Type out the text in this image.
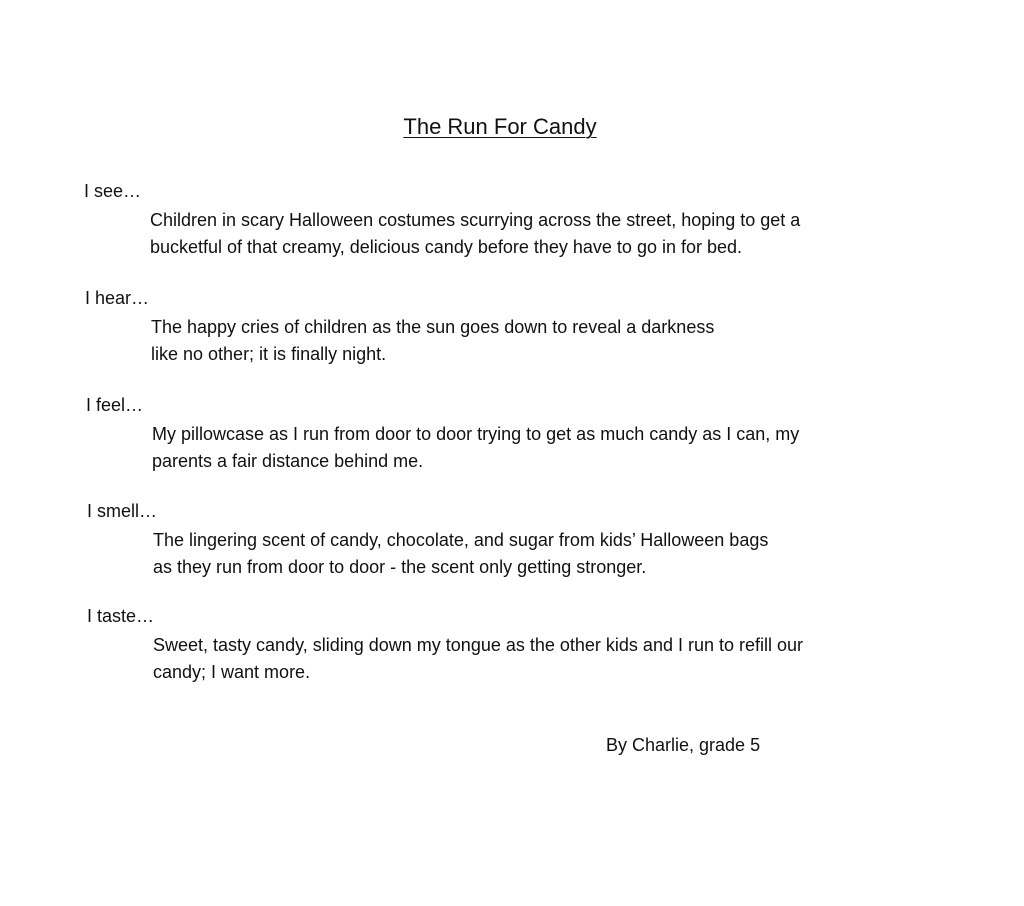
The Run For Candy

I see…

Children in scary Halloween costumes scurrying across the street, hoping to get a

bucketful of that creamy, delicious candy before they have to go in for bed.

I hear…

The happy cries of children as the sun goes down to reveal a darkness

like no other; it is finally night.

I feel…

My pillowcase as I run from door to door trying to get as much candy as I can, my

parents a fair distance behind me.

I smell…

The lingering scent of candy, chocolate, and sugar from kids’ Halloween bags

as they run from door to door - the scent only getting stronger.

I taste…

Sweet, tasty candy, sliding down my tongue as the other kids and I run to refill our

candy; I want more.

By Charlie, grade 5
